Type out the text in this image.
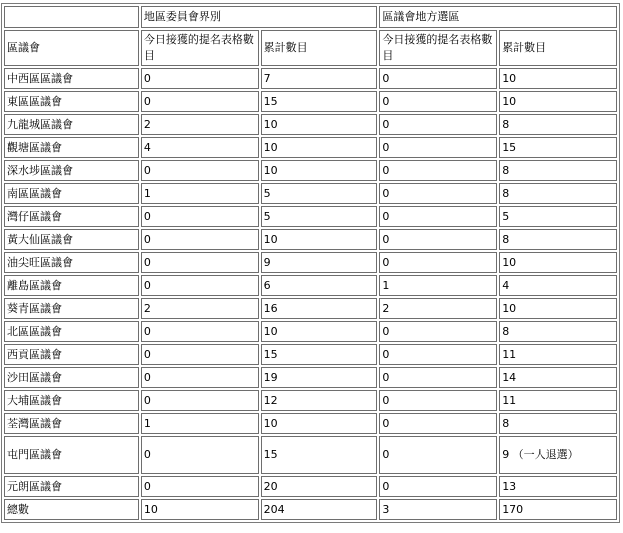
	地區委員會界別		區議會地方選區	
區議會	今日接獲的提名表格數目	累計數目	今日接獲的提名表格數目	累計數目
中西區區議會	0	7	0	10
東區區議會	0	15	0	10
九龍城區議會	2	10	0	8
觀塘區議會	4	10	0	15
深水埗區議會	0	10	0	8
南區區議會	1	5	0	8
灣仔區議會	0	5	0	5
黃大仙區議會	0	10	0	8
油尖旺區議會	0	9	0	10
離島區議會	0	6	1	4
葵青區議會	2	16	2	10
北區區議會	0	10	0	8
西貢區議會	0	15	0	11
沙田區議會	0	19	0	14
大埔區議會	0	12	0	11
荃灣區議會	1	10	0	8
屯門區議會	0	15	0	9 （一人退選）
元朗區議會	0	20	0	13
總數	10	204	3	170
